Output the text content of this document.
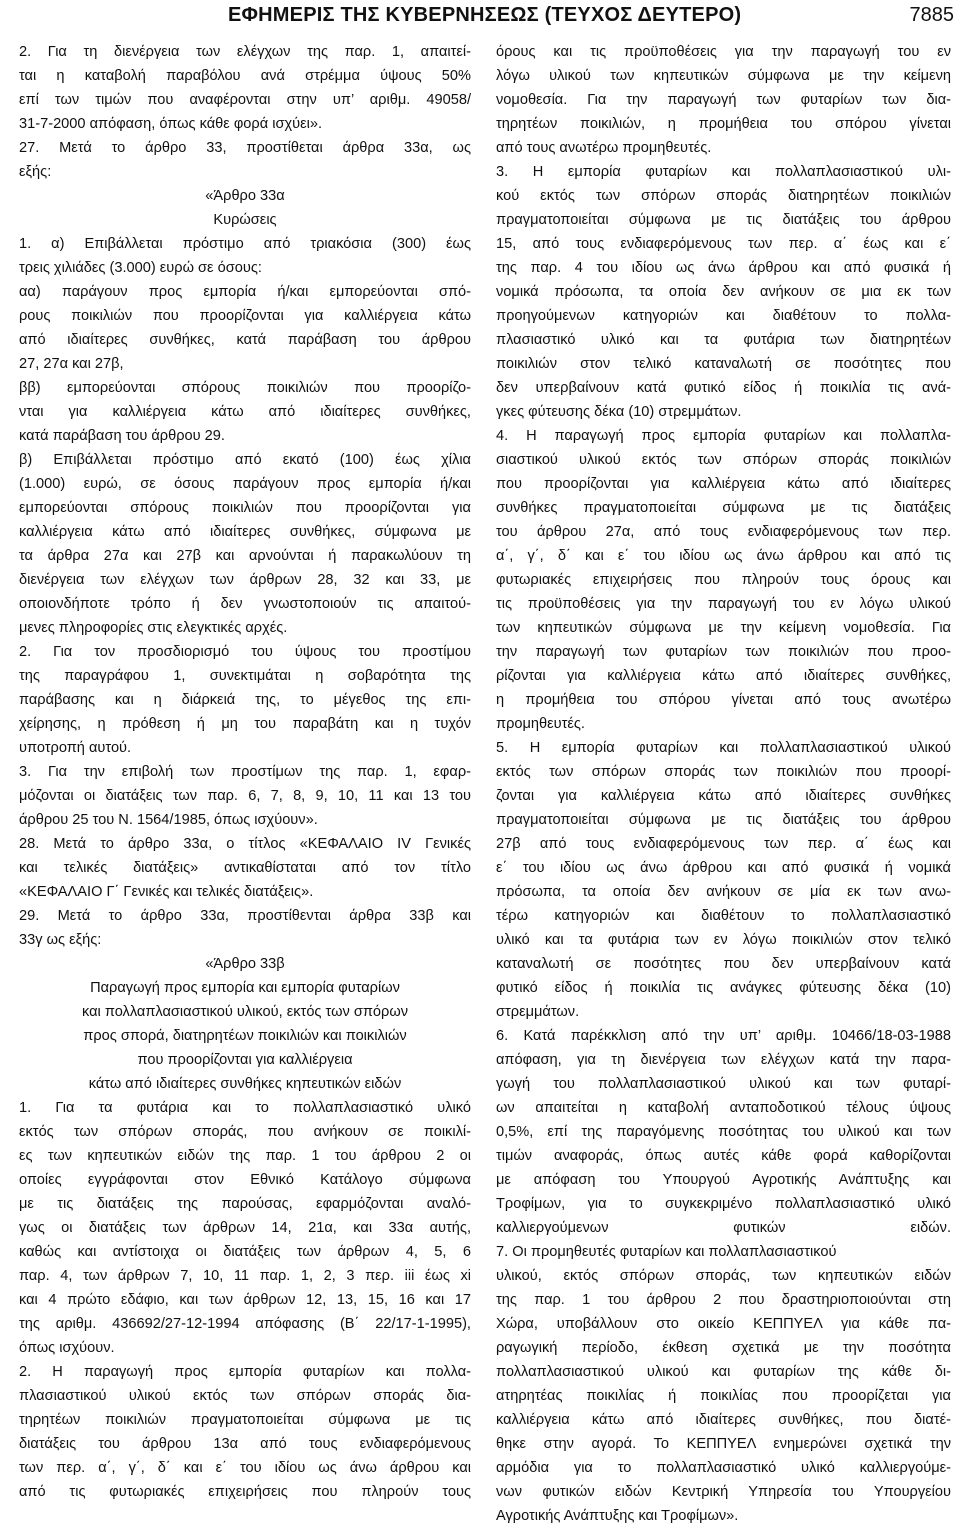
ΕΦΗΜΕΡΙΣ ΤΗΣ ΚΥΒΕΡΝΗΣΕΩΣ (ΤΕΥΧΟΣ ΔΕΥΤΕΡΟ)	7885
2. Για τη διενέργεια των ελέγχων της παρ. 1, απαιτεί-
ται η καταβολή παραβόλου ανά στρέμμα ύψους 50%
επί των τιμών που αναφέρονται στην υπ’ αριθμ. 49058/
31-7-2000 απόφαση, όπως κάθε φορά ισχύει».
27. Μετά το άρθρο 33, προστίθεται άρθρα 33α, ως
εξής:
«Άρθρο 33α
Κυρώσεις
1. α) Επιβάλλεται πρόστιμο από τριακόσια (300) έως
τρεις χιλιάδες (3.000) ευρώ σε όσους:
αα) παράγουν προς εμπορία ή/και εμπορεύονται σπό-
ρους ποικιλιών που προορίζονται για καλλιέργεια κάτω
από ιδιαίτερες συνθήκες, κατά παράβαση του άρθρου
27, 27α και 27β,
ββ) εμπορεύονται σπόρους ποικιλιών που προορίζο-
νται για καλλιέργεια κάτω από ιδιαίτερες συνθήκες,
κατά παράβαση του άρθρου 29.
β) Επιβάλλεται πρόστιμο από εκατό (100) έως χίλια
(1.000) ευρώ, σε όσους παράγουν προς εμπορία ή/και
εμπορεύονται σπόρους ποικιλιών που προορίζονται για
καλλιέργεια κάτω από ιδιαίτερες συνθήκες, σύμφωνα με
τα άρθρα 27α και 27β και αρνούνται ή παρακωλύουν τη
διενέργεια των ελέγχων των άρθρων 28, 32 και 33, με
οποιονδήποτε τρόπο ή δεν γνωστοποιούν τις απαιτού-
μενες πληροφορίες στις ελεγκτικές αρχές.
2. Για τον προσδιορισμό του ύψους του προστίμου
της παραγράφου 1, συνεκτιμάται η σοβαρότητα της
παράβασης και η διάρκειά της, το μέγεθος της επι-
χείρησης, η πρόθεση ή μη του παραβάτη και η τυχόν
υποτροπή αυτού.
3. Για την επιβολή των προστίμων της παρ. 1, εφαρ-
μόζονται οι διατάξεις των παρ. 6, 7, 8, 9, 10, 11 και 13 του
άρθρου 25 του Ν. 1564/1985, όπως ισχύουν».
28. Μετά το άρθρο 33α, ο τίτλος «ΚΕΦΑΛΑΙΟ IV Γενικές
και τελικές διατάξεις» αντικαθίσταται από τον τίτλο
«ΚΕΦΑΛΑΙΟ Γ΄ Γενικές και τελικές διατάξεις».
29. Μετά το άρθρο 33α, προστίθενται άρθρα 33β και
33γ ως εξής:
«Άρθρο 33β
Παραγωγή προς εμπορία και εμπορία φυταρίων
και πολλαπλασιαστικού υλικού, εκτός των σπόρων
προς σπορά, διατηρητέων ποικιλιών και ποικιλιών
που προορίζονται για καλλιέργεια
κάτω από ιδιαίτερες συνθήκες κηπευτικών ειδών
1. Για τα φυτάρια και το πολλαπλασιαστικό υλικό
εκτός των σπόρων σποράς, που ανήκουν σε ποικιλί-
ες των κηπευτικών ειδών της παρ. 1 του άρθρου 2 οι
οποίες εγγράφονται στον Εθνικό Κατάλογο σύμφωνα
με τις διατάξεις της παρούσας, εφαρμόζονται αναλό-
γως οι διατάξεις των άρθρων 14, 21α, και 33α αυτής,
καθώς και αντίστοιχα οι διατάξεις των άρθρων 4, 5, 6
παρ. 4, των άρθρων 7, 10, 11 παρ. 1, 2, 3 περ. iii έως xi
και 4 πρώτο εδάφιο, και των άρθρων 12, 13, 15, 16 και 17
της αριθμ. 436692/27-12-1994 απόφασης (Β΄ 22/17-1-1995),
όπως ισχύουν.
2. Η παραγωγή προς εμπορία φυταρίων και πολλα-
πλασιαστικού υλικού εκτός των σπόρων σποράς δια-
τηρητέων ποικιλιών πραγματοποιείται σύμφωνα με τις
διατάξεις του άρθρου 13α από τους ενδιαφερόμενους
των περ. α΄, γ΄, δ΄ και ε΄ του ιδίου ως άνω άρθρου και
από τις φυτωριακές επιχειρήσεις που πληρούν τους
όρους και τις προϋποθέσεις για την παραγωγή του εν
λόγω υλικού των κηπευτικών σύμφωνα με την κείμενη
νομοθεσία. Για την παραγωγή των φυταρίων των δια-
τηρητέων ποικιλιών, η προμήθεια του σπόρου γίνεται
από τους ανωτέρω προμηθευτές.
3. Η εμπορία φυταρίων και πολλαπλασιαστικού υλι-
κού εκτός των σπόρων σποράς διατηρητέων ποικιλιών
πραγματοποιείται σύμφωνα με τις διατάξεις του άρθρου
15, από τους ενδιαφερόμενους των περ. α΄ έως και ε΄
της παρ. 4 του ιδίου ως άνω άρθρου και από φυσικά ή
νομικά πρόσωπα, τα οποία δεν ανήκουν σε μια εκ των
προηγούμενων κατηγοριών και διαθέτουν το πολλα-
πλασιαστικό υλικό και τα φυτάρια των διατηρητέων
ποικιλιών στον τελικό καταναλωτή σε ποσότητες που
δεν υπερβαίνουν κατά φυτικό είδος ή ποικιλία τις ανά-
γκες φύτευσης δέκα (10) στρεμμάτων.
4. Η παραγωγή προς εμπορία φυταρίων και πολλαπλα-
σιαστικού υλικού εκτός των σπόρων σποράς ποικιλιών
που προορίζονται για καλλιέργεια κάτω από ιδιαίτερες
συνθήκες πραγματοποιείται σύμφωνα με τις διατάξεις
του άρθρου 27α, από τους ενδιαφερόμενους των περ.
α΄, γ΄, δ΄ και ε΄ του ιδίου ως άνω άρθρου και από τις
φυτωριακές επιχειρήσεις που πληρούν τους όρους και
τις προϋποθέσεις για την παραγωγή του εν λόγω υλικού
των κηπευτικών σύμφωνα με την κείμενη νομοθεσία. Για
την παραγωγή των φυταρίων των ποικιλιών που προο-
ρίζονται για καλλιέργεια κάτω από ιδιαίτερες συνθήκες,
η προμήθεια του σπόρου γίνεται από τους ανωτέρω
προμηθευτές.
5. Η εμπορία φυταρίων και πολλαπλασιαστικού υλικού
εκτός των σπόρων σποράς των ποικιλιών που προορί-
ζονται για καλλιέργεια κάτω από ιδιαίτερες συνθήκες
πραγματοποιείται σύμφωνα με τις διατάξεις του άρθρου
27β από τους ενδιαφερόμενους των περ. α΄ έως και
ε΄ του ιδίου ως άνω άρθρου και από φυσικά ή νομικά
πρόσωπα, τα οποία δεν ανήκουν σε μία εκ των ανω-
τέρω κατηγοριών και διαθέτουν το πολλαπλασιαστικό
υλικό και τα φυτάρια των εν λόγω ποικιλιών στον τελικό
καταναλωτή σε ποσότητες που δεν υπερβαίνουν κατά
φυτικό είδος ή ποικιλία τις ανάγκες φύτευσης δέκα (10)
στρεμμάτων.
6. Κατά παρέκκλιση από την υπ’ αριθμ. 10466/18-03-1988
απόφαση, για τη διενέργεια των ελέγχων κατά την παρα-
γωγή του πολλαπλασιαστικού υλικού και των φυταρί-
ων απαιτείται η καταβολή ανταποδοτικού τέλους ύψους
0,5%, επί της παραγόμενης ποσότητας του υλικού και των
τιμών αναφοράς, όπως αυτές κάθε φορά καθορίζονται
με απόφαση του Υπουργού Αγροτικής Ανάπτυξης και
Τροφίμων, για το συγκεκριμένο πολλαπλασιαστικό υλικό
καλλιεργούμενων φυτικών ειδών.
7. Οι προμηθευτές φυταρίων και πολλαπλασιαστικού
υλικού, εκτός σπόρων σποράς, των κηπευτικών ειδών
της παρ. 1 του άρθρου 2 που δραστηριοποιούνται στη
Χώρα, υποβάλλουν στο οικείο ΚΕΠΠΥΕΛ για κάθε πα-
ραγωγική περίοδο, έκθεση σχετικά με την ποσότητα
πολλαπλασιαστικού υλικού και φυταρίων της κάθε δι-
ατηρητέας ποικιλίας ή ποικιλίας που προορίζεται για
καλλιέργεια κάτω από ιδιαίτερες συνθήκες, που διατέ-
θηκε στην αγορά. Το ΚΕΠΠΥΕΛ ενημερώνει σχετικά την
αρμόδια για το πολλαπλασιαστικό υλικό καλλιεργούμε-
νων φυτικών ειδών Κεντρική Υπηρεσία του Υπουργείου
Αγροτικής Ανάπτυξης και Τροφίμων».
